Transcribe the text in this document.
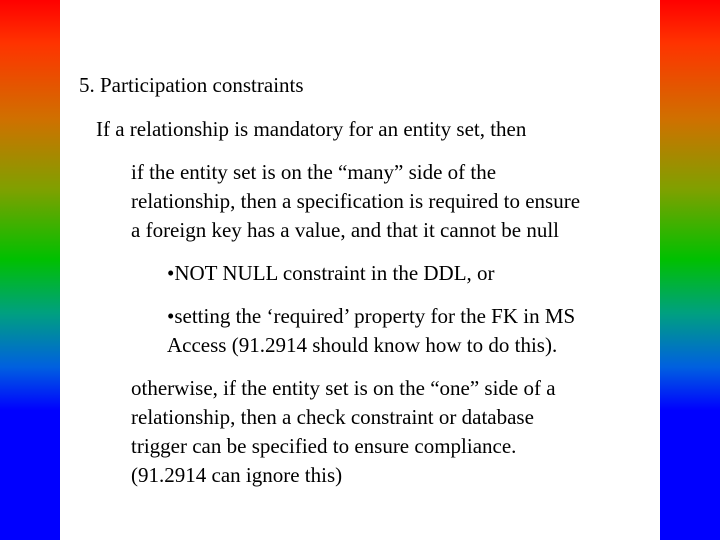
5. Participation constraints
If a relationship is mandatory for an entity set, then
if the entity set is on the “many” side of the
relationship, then a specification is required to ensure
a foreign key has a value, and that it cannot be null
•NOT NULL constraint in the DDL, or
•setting the ‘required’ property for the FK in MS
Access (91.2914 should know how to do this).
otherwise, if the entity set is on the “one” side of a
relationship, then a check constraint or database
trigger can be specified to ensure compliance.
(91.2914 can ignore this)
